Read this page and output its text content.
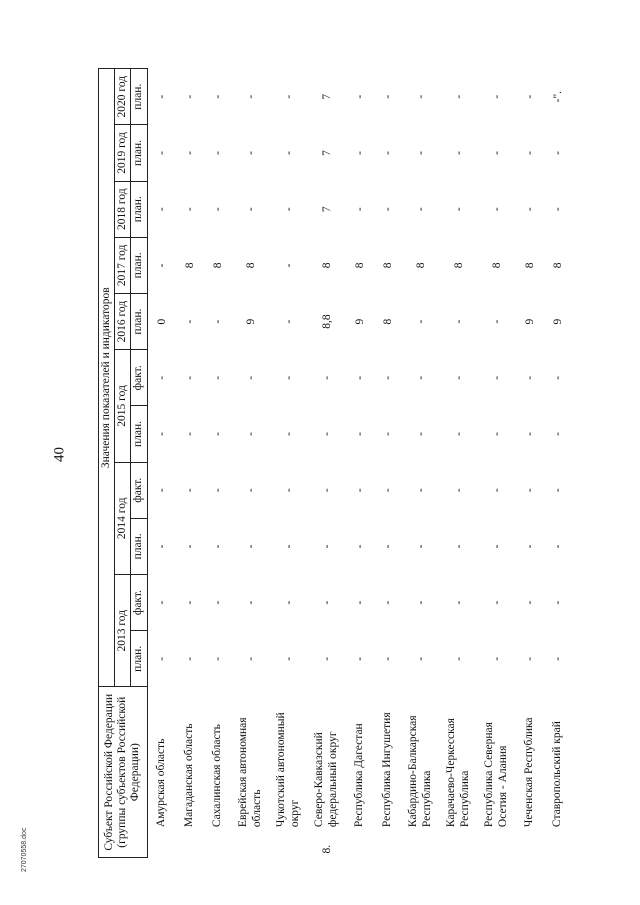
40
27070558.doc	Субъект Российской Федерации (группы субъектов Российской Федерации)		Значения показателей и индикаторов										
		2013 год		2014 год		2015 год		2016 год	2017 год	2018 год	2019 год	2020 год
		план.	факт.	план.	факт.	план.	факт.	план.	план.	план.	план.	план.
	Амурская область	-	-	-	-	-	-	0	-	-	-	-
	Магаданская область	-	-	-	-	-	-	-	8	-	-	-
	Сахалинская область	-	-	-	-	-	-	-	8	-	-	-
	Еврейская автономная область	-	-	-	-	-	-	9	8	-	-	-
	Чукотский автономный округ	-	-	-	-	-	-	-	-	-	-	-
8.	Северо-Кавказский федеральный округ	-	-	-	-	-	-	8,8	8	7	7	7
	Республика Дагестан	-	-	-	-	-	-	9	8	-	-	-
	Республика Ингушетия	-	-	-	-	-	-	8	8	-	-	-
	Кабардино-Балкарская Республика	-	-	-	-	-	-	-	8	-	-	-
	Карачаево-Черкесская Республика	-	-	-	-	-	-	-	8	-	-	-
	Республика Северная Осетия - Алания	-	-	-	-	-	-	-	8	-	-	-
	Чеченская Республика	-	-	-	-	-	-	9	8	-	-	-
	Ставропольский край	-	-	-	-	-	-	9	8	-	-	-".
